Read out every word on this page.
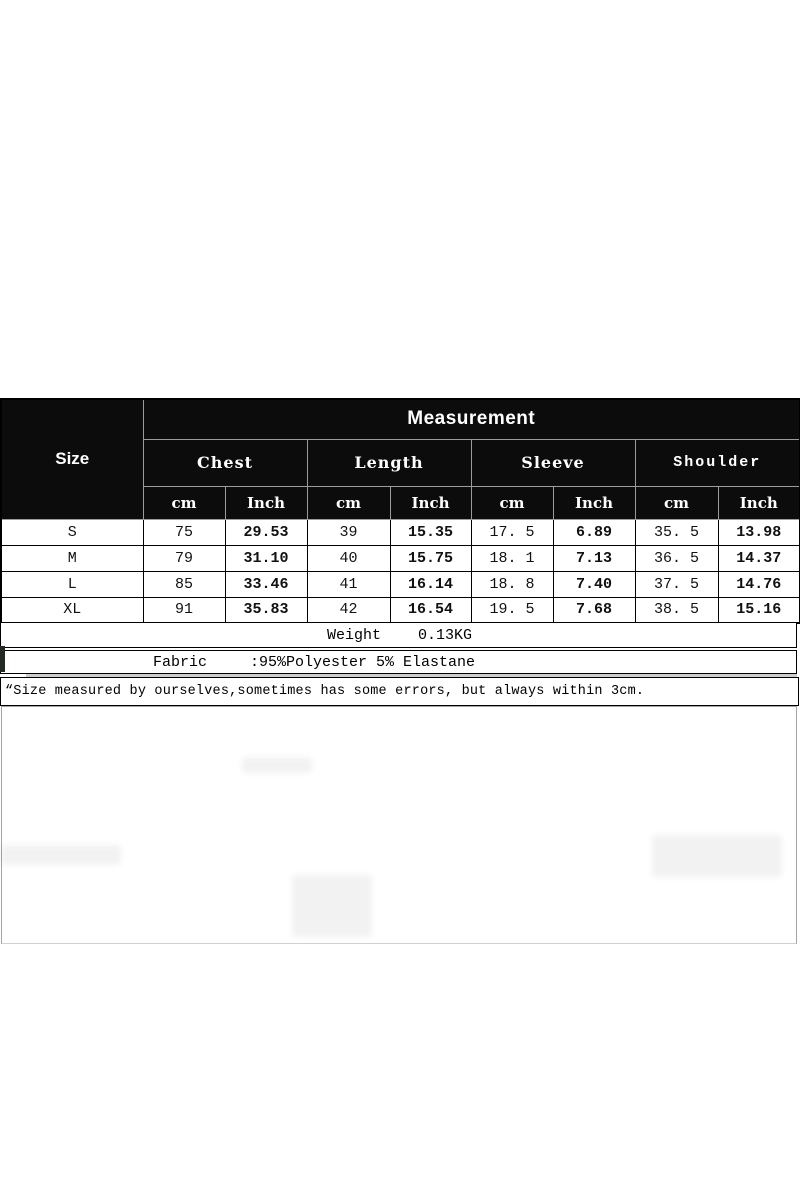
Size	Measurement							
	Chest		Length		Sleeve		Shoulder	
	cm	Inch	cm	Inch	cm	Inch	cm	Inch
S	75	29.53	39	15.35	17. 5	6.89	35. 5	13.98
M	79	31.10	40	15.75	18. 1	7.13	36. 5	14.37
L	85	33.46	41	16.14	18. 8	7.40	37. 5	14.76
XL	91	35.83	42	16.54	19. 5	7.68	38. 5	15.16
Weight 0.13KG
Fabric	:95%Polyester 5% Elastane
“Size measured by ourselves,sometimes has some errors, but always within 3cm.
